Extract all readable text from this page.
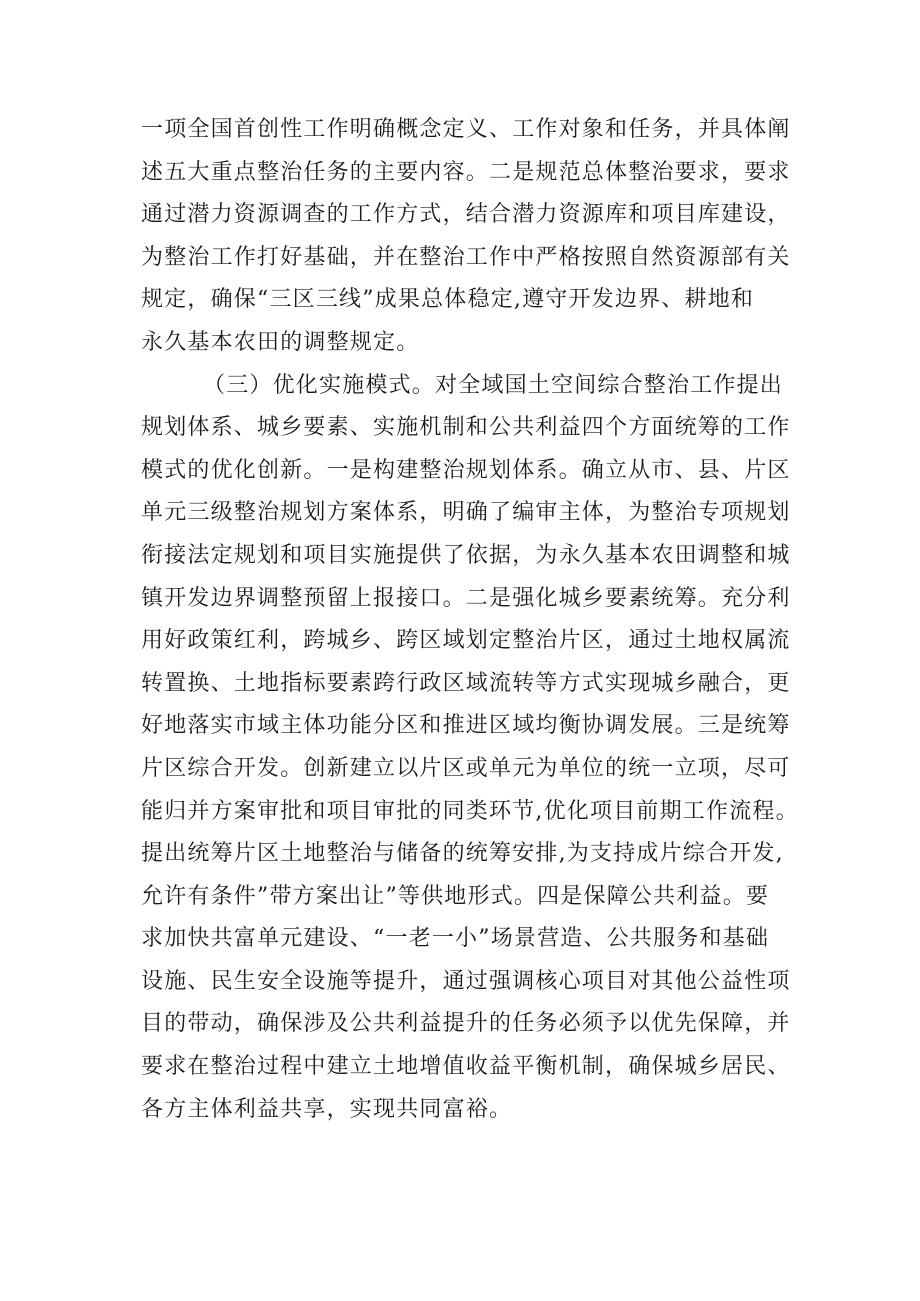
一项全国首创性工作明确概念定义、工作对象和任务，并具体阐
述五大重点整治任务的主要内容。二是规范总体整治要求，要求
通过潜力资源调查的工作方式，结合潜力资源库和项目库建设，
为整治工作打好基础，并在整治工作中严格按照自然资源部有关
规定，确保“三区三线”成果总体稳定,遵守开发边界、耕地和
永久基本农田的调整规定。
（三）优化实施模式。对全域国土空间综合整治工作提出
规划体系、城乡要素、实施机制和公共利益四个方面统筹的工作
模式的优化创新。一是构建整治规划体系。确立从市、县、片区
单元三级整治规划方案体系，明确了编审主体，为整治专项规划
衔接法定规划和项目实施提供了依据，为永久基本农田调整和城
镇开发边界调整预留上报接口。二是强化城乡要素统筹。充分利
用好政策红利，跨城乡、跨区域划定整治片区，通过土地权属流
转置换、土地指标要素跨行政区域流转等方式实现城乡融合，更
好地落实市域主体功能分区和推进区域均衡协调发展。三是统筹
片区综合开发。创新建立以片区或单元为单位的统一立项，尽可
能归并方案审批和项目审批的同类环节,优化项目前期工作流程。
提出统筹片区土地整治与储备的统筹安排,为支持成片综合开发,
允许有条件”带方案出让”等供地形式。四是保障公共利益。要
求加快共富单元建设、“一老一小”场景营造、公共服务和基础
设施、民生安全设施等提升，通过强调核心项目对其他公益性项
目的带动，确保涉及公共利益提升的任务必须予以优先保障，并
要求在整治过程中建立土地增值收益平衡机制，确保城乡居民、
各方主体利益共享，实现共同富裕。
